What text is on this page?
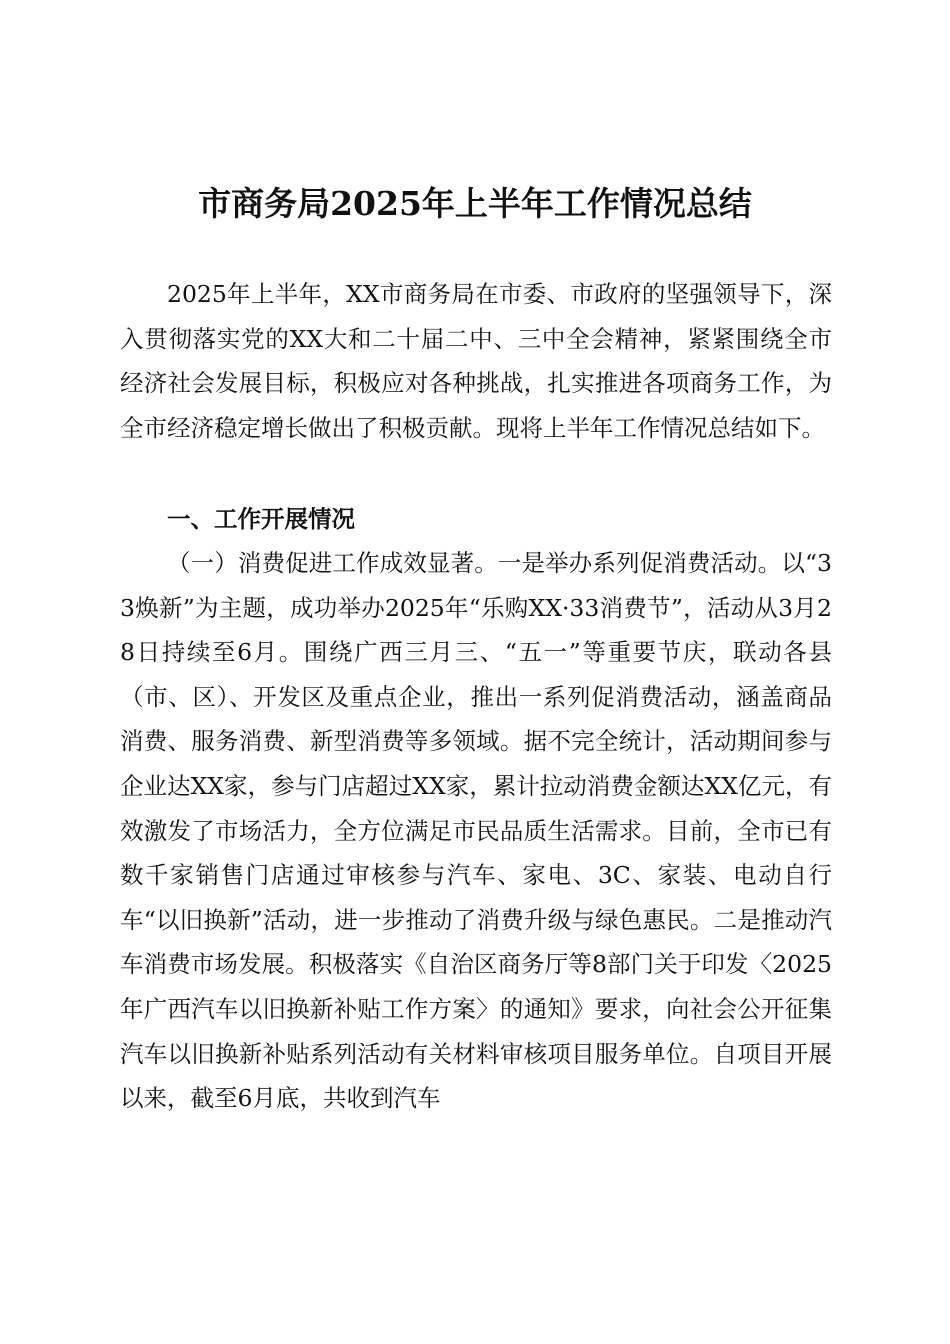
市商务局2025年上半年工作情况总结

2025年上半年，XX市商务局在市委、市政府的坚强领导下，深入贯彻落实党的XX大和二十届二中、三中全会精神，紧紧围绕全市经济社会发展目标，积极应对各种挑战，扎实推进各项商务工作，为全市经济稳定增长做出了积极贡献。现将上半年工作情况总结如下。

一、工作开展情况

（一）消费促进工作成效显著。一是举办系列促消费活动。以“33焕新”为主题，成功举办2025年“乐购XX·33消费节”，活动从3月28日持续至6月。围绕广西三月三、“五一”等重要节庆，联动各县（市、区）、开发区及重点企业，推出一系列促消费活动，涵盖商品消费、服务消费、新型消费等多领域。据不完全统计，活动期间参与企业达XX家，参与门店超过XX家，累计拉动消费金额达XX亿元，有效激发了市场活力，全方位满足市民品质生活需求。目前，全市已有数千家销售门店通过审核参与汽车、家电、3C、家装、电动自行车“以旧换新”活动，进一步推动了消费升级与绿色惠民。二是推动汽车消费市场发展。积极落实《自治区商务厅等8部门关于印发〈2025年广西汽车以旧换新补贴工作方案〉的通知》要求，向社会公开征集汽车以旧换新补贴系列活动有关材料审核项目服务单位。自项目开展以来，截至6月底，共收到汽车
